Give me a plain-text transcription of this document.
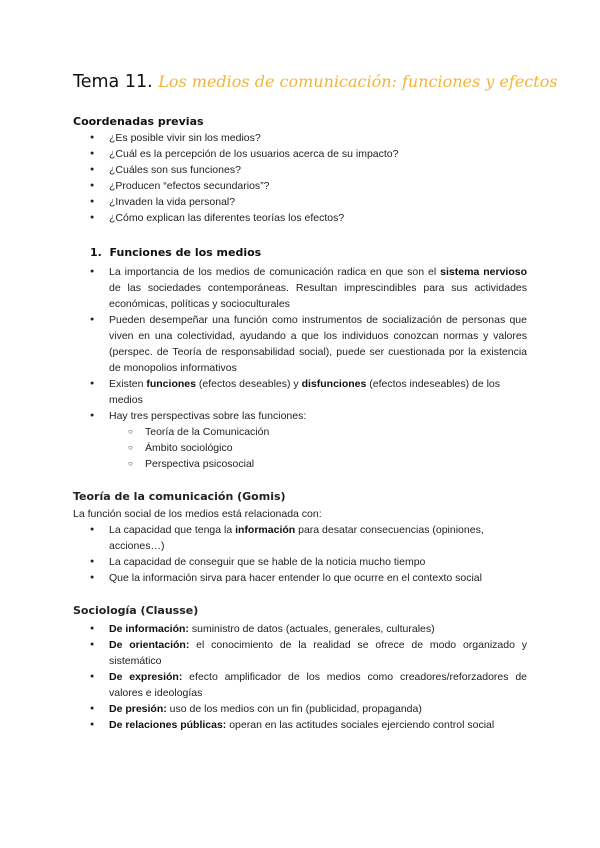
Tema 11. Los medios de comunicación: funciones y efectos
Coordenadas previas
● ¿Es posible vivir sin los medios?
● ¿Cuál es la percepción de los usuarios acerca de su impacto?
● ¿Cuáles son sus funciones?
● ¿Producen “efectos secundarios”?
● ¿Invaden la vida personal?
● ¿Cómo explican las diferentes teorías los efectos?
1. Funciones de los medios
● La importancia de los medios de comunicación radica en que son el sistema nervioso de las sociedades contemporáneas. Resultan imprescindibles para sus actividades económicas, políticas y socioculturales
● Pueden desempeñar una función como instrumentos de socialización de personas que viven en una colectividad, ayudando a que los individuos conozcan normas y valores (perspec. de Teoría de responsabilidad social), puede ser cuestionada por la existencia de monopolios informativos
● Existen funciones (efectos deseables) y disfunciones (efectos indeseables) de los medios
● Hay tres perspectivas sobre las funciones:
○ Teoría de la Comunicación
○ Ámbito sociológico
○ Perspectiva psicosocial
Teoría de la comunicación (Gomis)

La función social de los medios está relacionada con:

● La capacidad que tenga la información para desatar consecuencias (opiniones, acciones…)
● La capacidad de conseguir que se hable de la noticia mucho tiempo
● Que la información sirva para hacer entender lo que ocurre en el contexto social
Sociología (Clausse)
● De información: suministro de datos (actuales, generales, culturales)
● De orientación: el conocimiento de la realidad se ofrece de modo organizado y sistemático
● De expresión: efecto amplificador de los medios como creadores/reforzadores de valores e ideologías
● De presión: uso de los medios con un fin (publicidad, propaganda)
● De relaciones públicas: operan en las actitudes sociales ejerciendo control social
